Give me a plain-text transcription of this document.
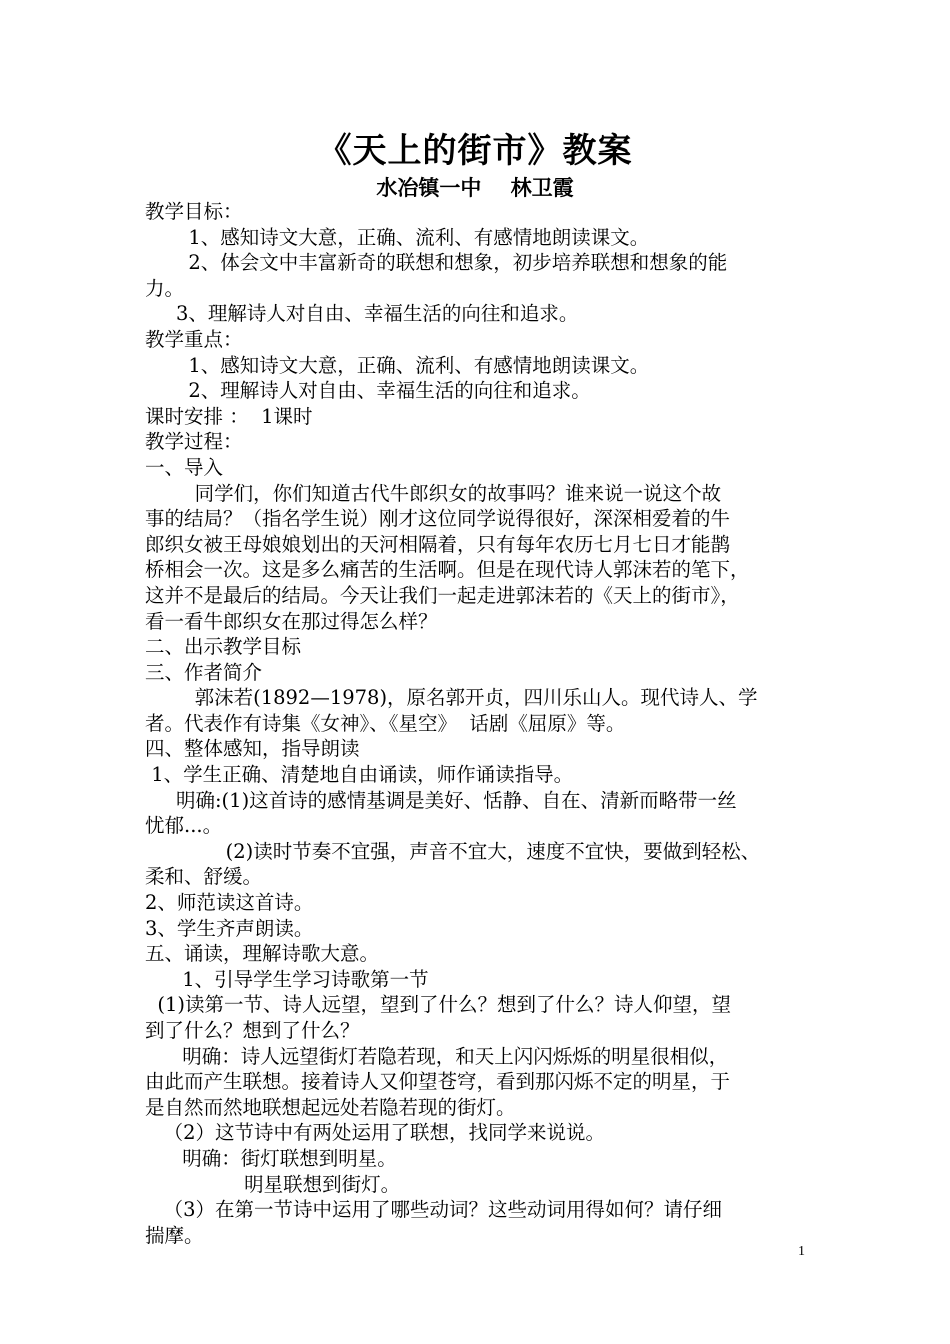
《天上的街市》教案
水冶镇一中    林卫霞
教学目标：
1、感知诗文大意，正确、流利、有感情地朗读课文。
2、体会文中丰富新奇的联想和想象，初步培养联想和想象的能
力。
3、理解诗人对自由、幸福生活的向往和追求。
教学重点：
1、感知诗文大意，正确、流利、有感情地朗读课文。
2、理解诗人对自由、幸福生活的向往和追求。
课时安排 ：  1课时
教学过程：
一、导入
同学们，你们知道古代牛郎织女的故事吗？谁来说一说这个故
事的结局？（指名学生说）刚才这位同学说得很好，深深相爱着的牛
郎织女被王母娘娘划出的天河相隔着，只有每年农历七月七日才能鹊
桥相会一次。这是多么痛苦的生活啊。但是在现代诗人郭沫若的笔下，
这并不是最后的结局。今天让我们一起走进郭沫若的《天上的街市》，
看一看牛郎织女在那过得怎么样？
二、出示教学目标
三、作者简介
郭沫若(1892—1978)，原名郭开贞，四川乐山人。现代诗人、学
者。代表作有诗集《女神》、《星空》  话剧《屈原》等。
四、整体感知，指导朗读
1、学生正确、清楚地自由诵读，师作诵读指导。
明确:(1)这首诗的感情基调是美好、恬静、自在、清新而略带一丝
忧郁...。
(2)读时节奏不宜强，声音不宜大，速度不宜快，要做到轻松、
柔和、舒缓。
2、师范读这首诗。
3、学生齐声朗读。
五、诵读，理解诗歌大意。
1、引导学生学习诗歌第一节
(1)读第一节、诗人远望，望到了什么？想到了什么？诗人仰望，望
到了什么？想到了什么？
明确：诗人远望街灯若隐若现，和天上闪闪烁烁的明星很相似，
由此而产生联想。接着诗人又仰望苍穹，看到那闪烁不定的明星，于
是自然而然地联想起远处若隐若现的街灯。
（2）这节诗中有两处运用了联想，找同学来说说。
明确：街灯联想到明星。
明星联想到街灯。
（3）在第一节诗中运用了哪些动词？这些动词用得如何？请仔细
揣摩。
1
